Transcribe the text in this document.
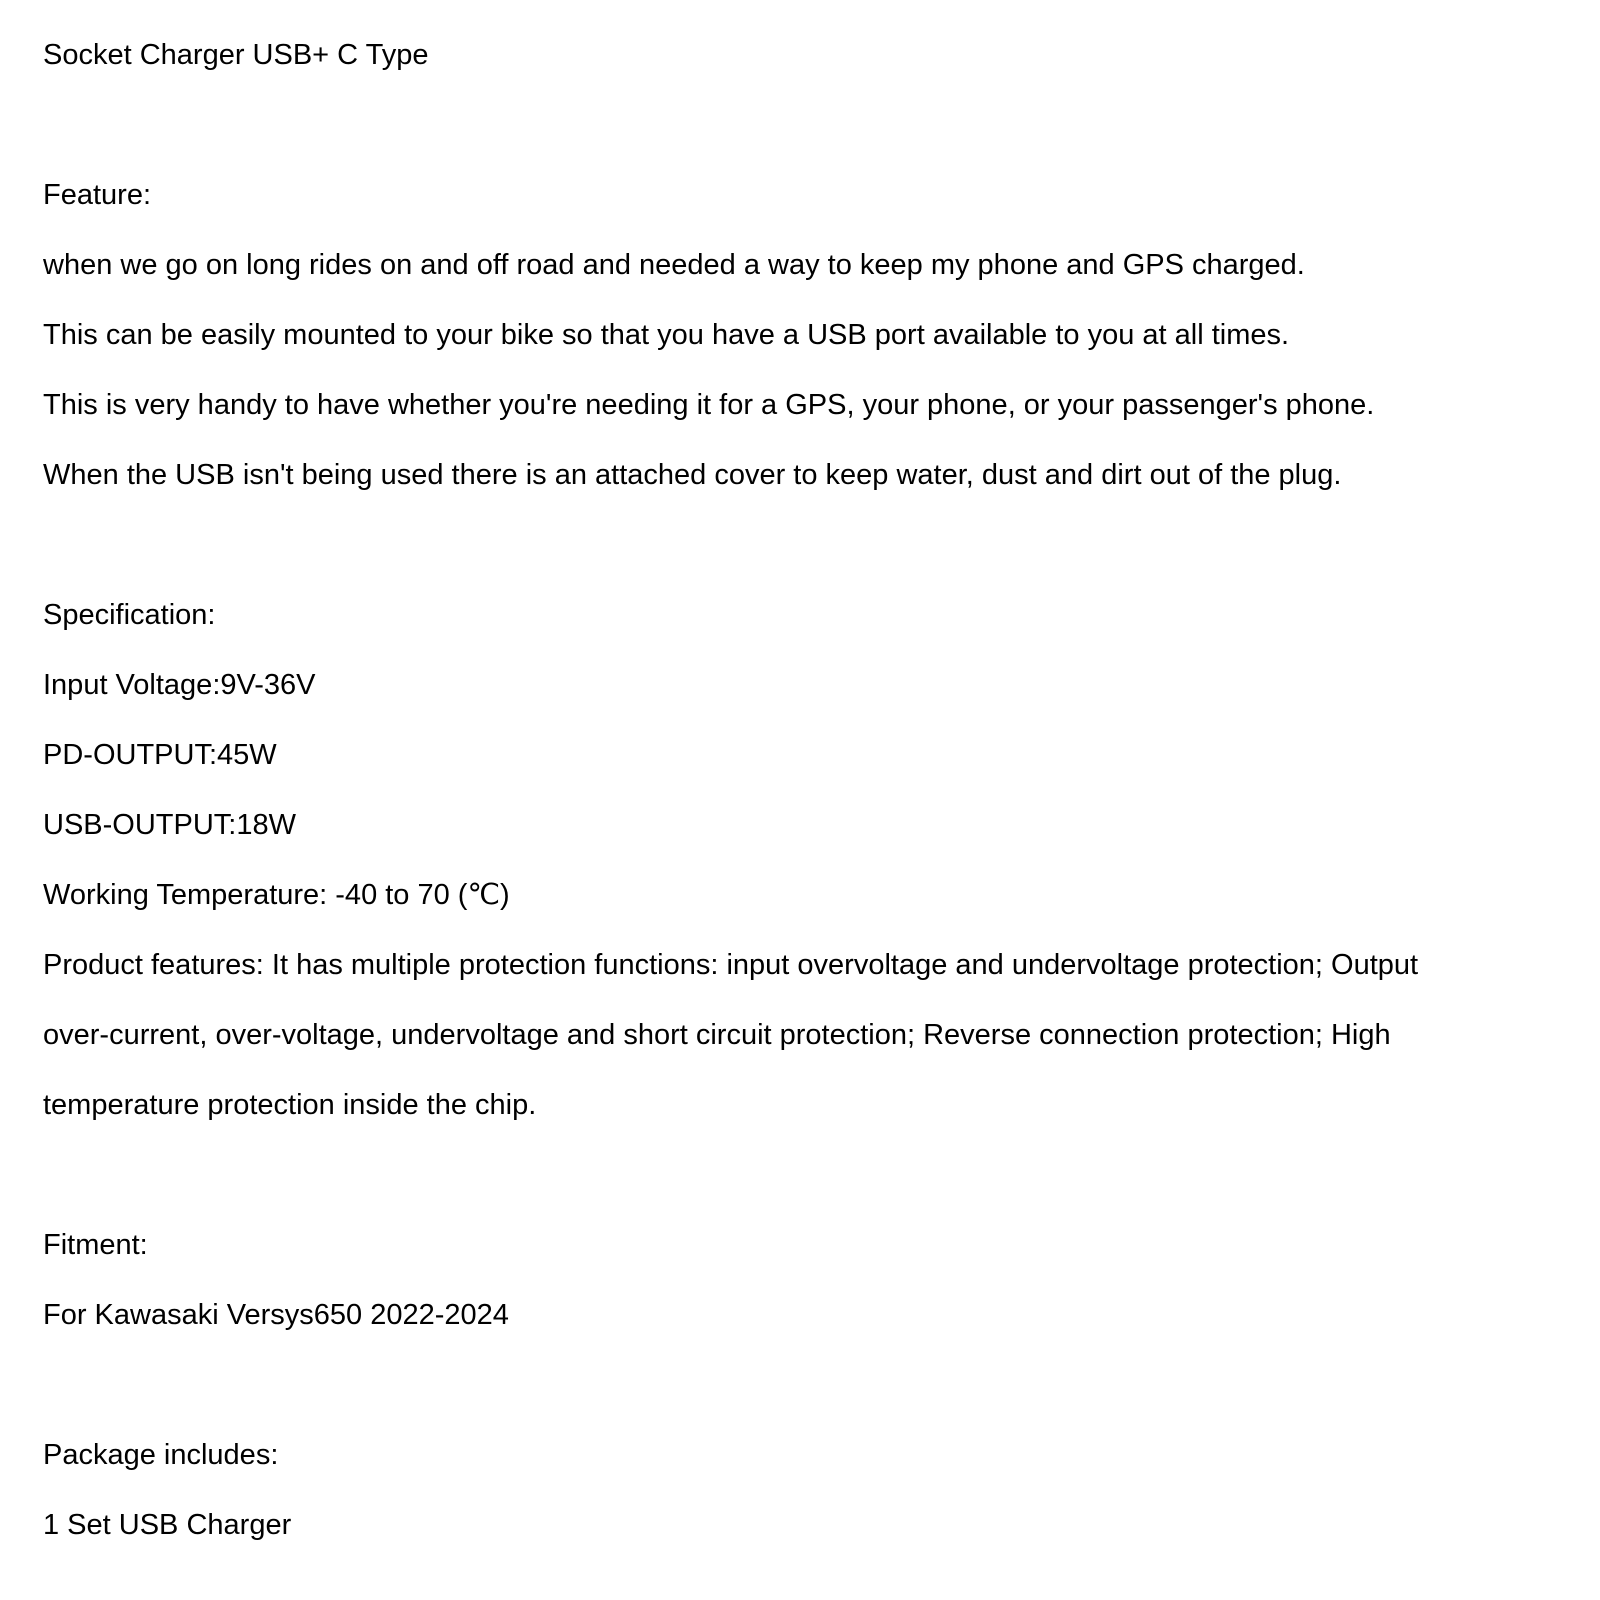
Socket Charger USB+ C Type
Feature:
when we go on long rides on and off road and needed a way to keep my phone and GPS charged.
This can be easily mounted to your bike so that you have a USB port available to you at all times.
This is very handy to have whether you're needing it for a GPS, your phone, or your passenger's phone.
When the USB isn't being used there is an attached cover to keep water, dust and dirt out of the plug.
Specification:
Input Voltage:9V-36V
PD-OUTPUT:45W
USB-OUTPUT:18W
Working Temperature: -40 to 70 (℃)
Product features: It has multiple protection functions: input overvoltage and undervoltage protection; Output
over-current, over-voltage, undervoltage and short circuit protection; Reverse connection protection; High
temperature protection inside the chip.
Fitment:
For Kawasaki Versys650 2022-2024
Package includes:
1 Set USB Charger
